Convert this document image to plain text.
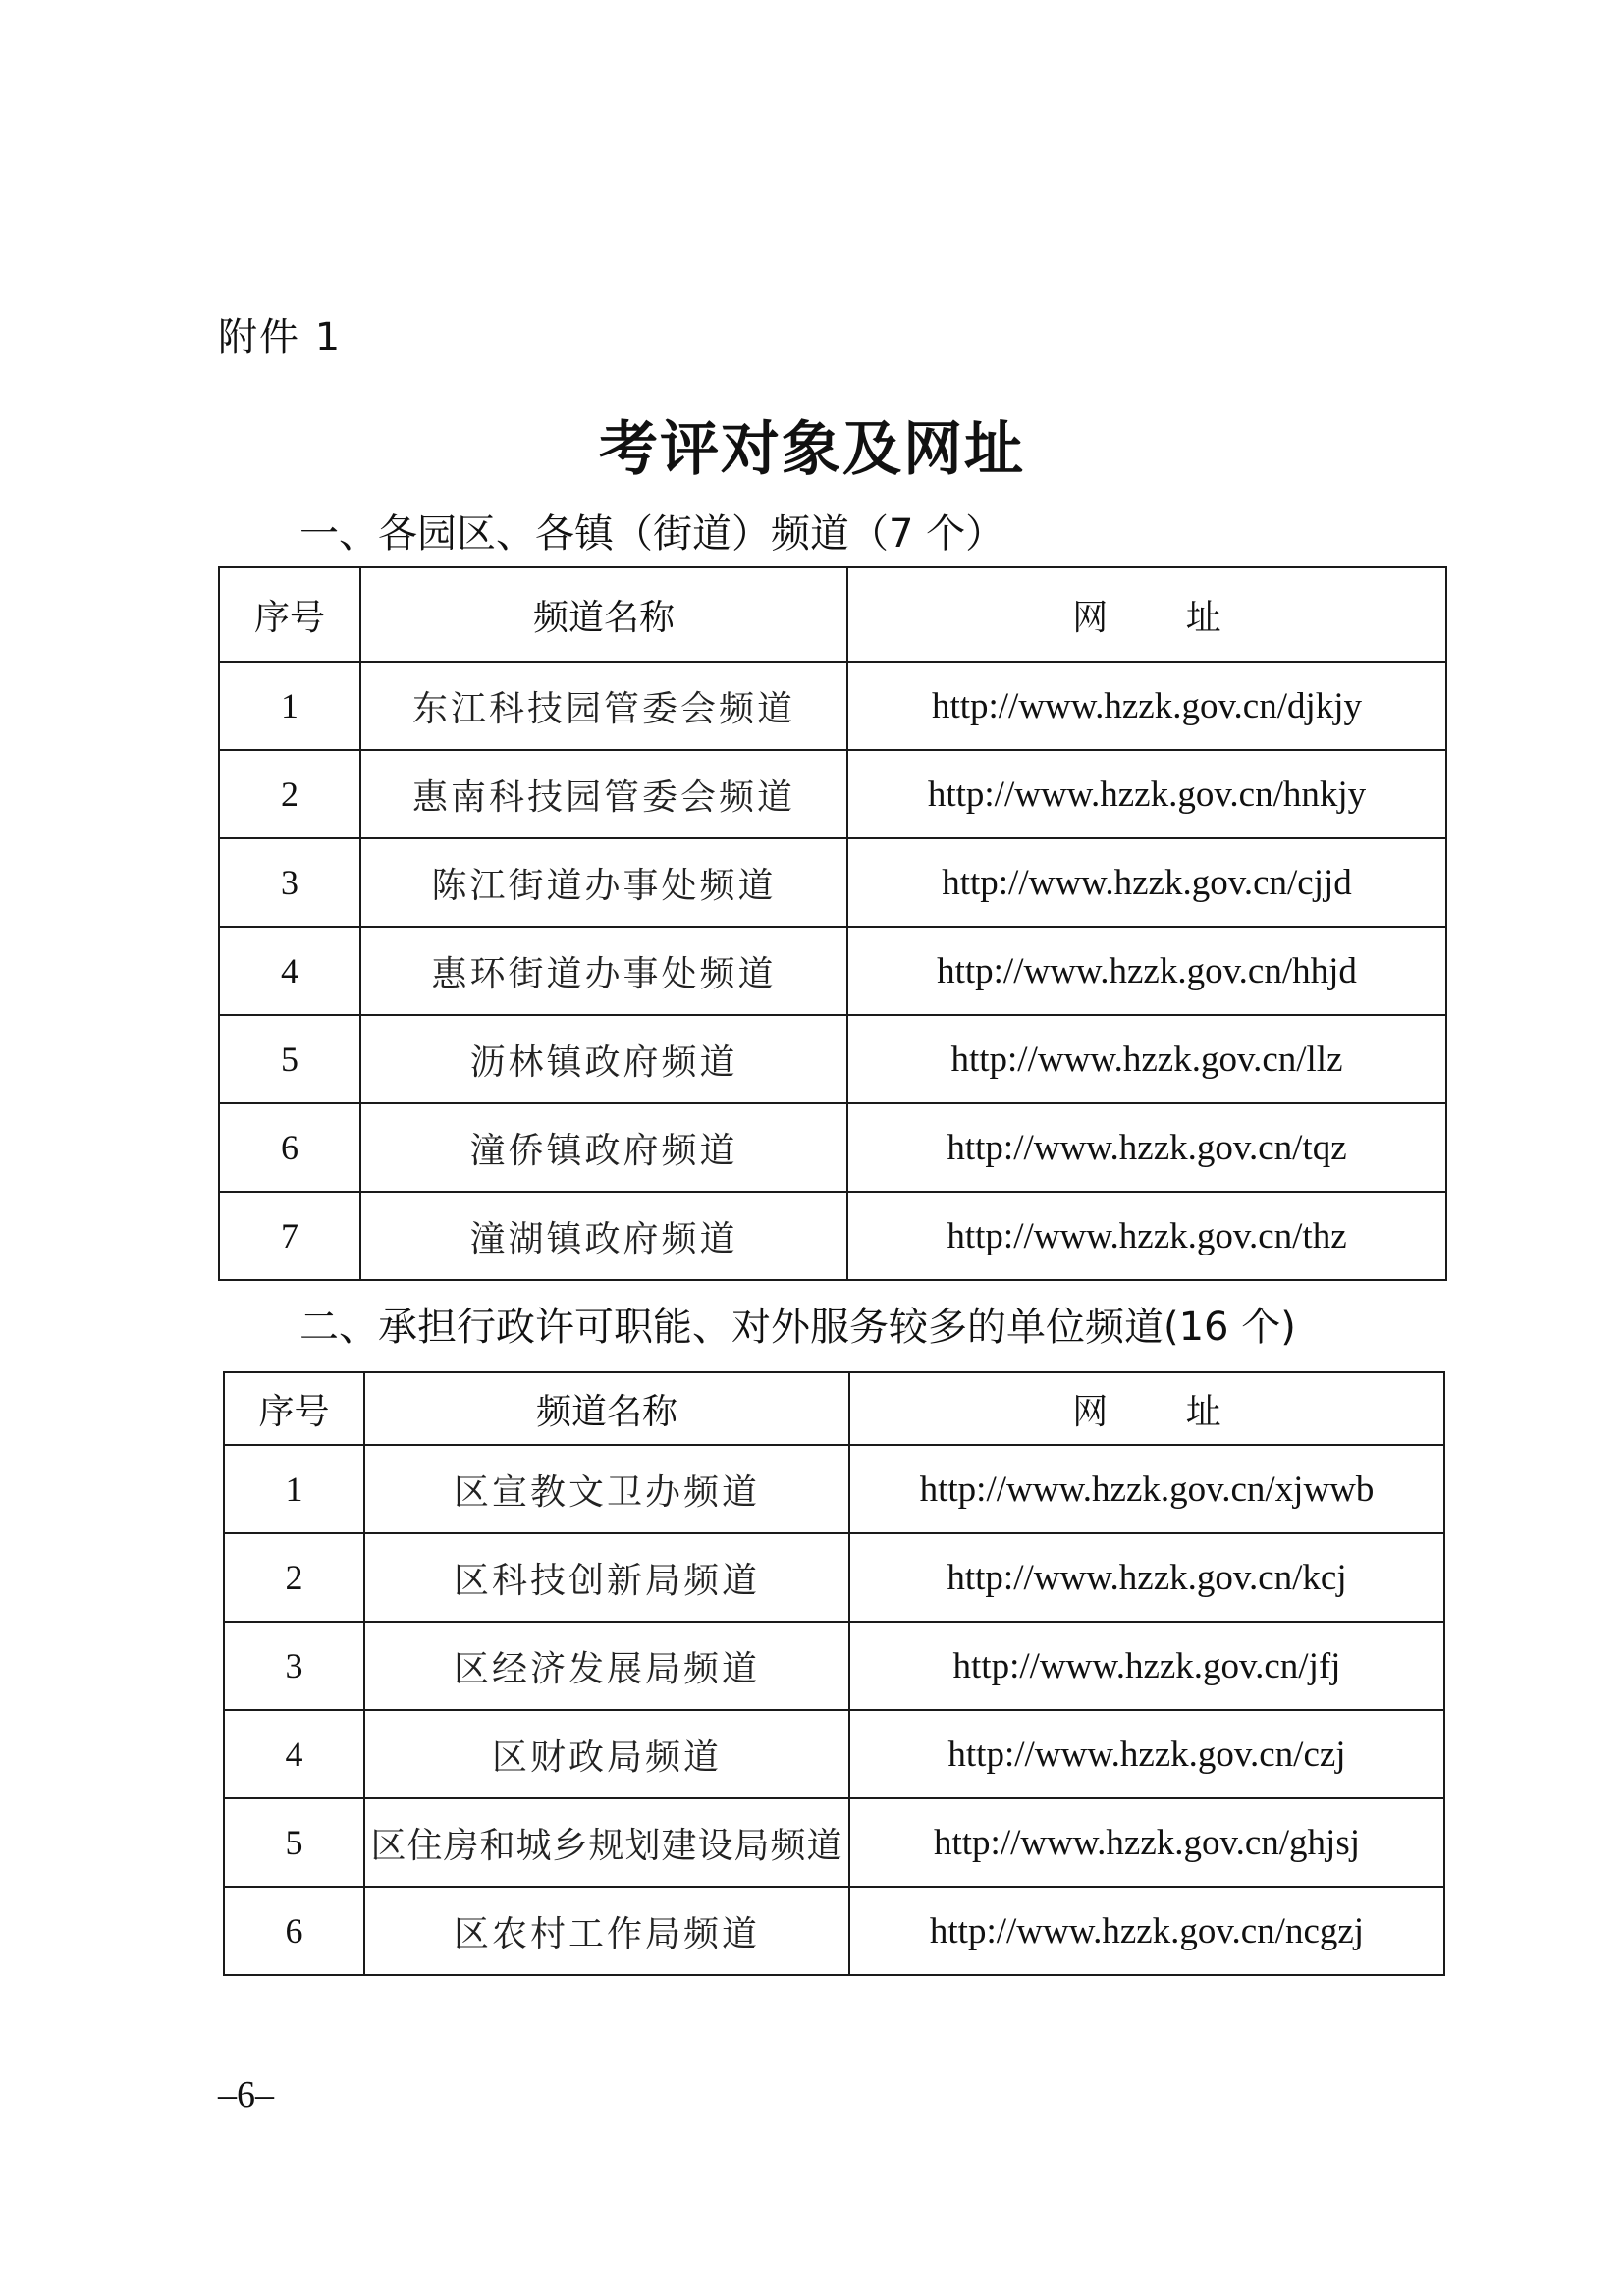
附件 1
考评对象及网址
一、各园区、各镇（街道）频道（7 个）
序号	频道名称	网 址
1	东江科技园管委会频道	http://www.hzzk.gov.cn/djkjy
2	惠南科技园管委会频道	http://www.hzzk.gov.cn/hnkjy
3	陈江街道办事处频道	http://www.hzzk.gov.cn/cjjd
4	惠环街道办事处频道	http://www.hzzk.gov.cn/hhjd
5	沥林镇政府频道	http://www.hzzk.gov.cn/llz
6	潼侨镇政府频道	http://www.hzzk.gov.cn/tqz
7	潼湖镇政府频道	http://www.hzzk.gov.cn/thz
二、承担行政许可职能、对外服务较多的单位频道(16 个)
序号	频道名称	网 址
1	区宣教文卫办频道	http://www.hzzk.gov.cn/xjwwb
2	区科技创新局频道	http://www.hzzk.gov.cn/kcj
3	区经济发展局频道	http://www.hzzk.gov.cn/jfj
4	区财政局频道	http://www.hzzk.gov.cn/czj
5	区住房和城乡规划建设局频道	http://www.hzzk.gov.cn/ghjsj
6	区农村工作局频道	http://www.hzzk.gov.cn/ncgzj
–6–
